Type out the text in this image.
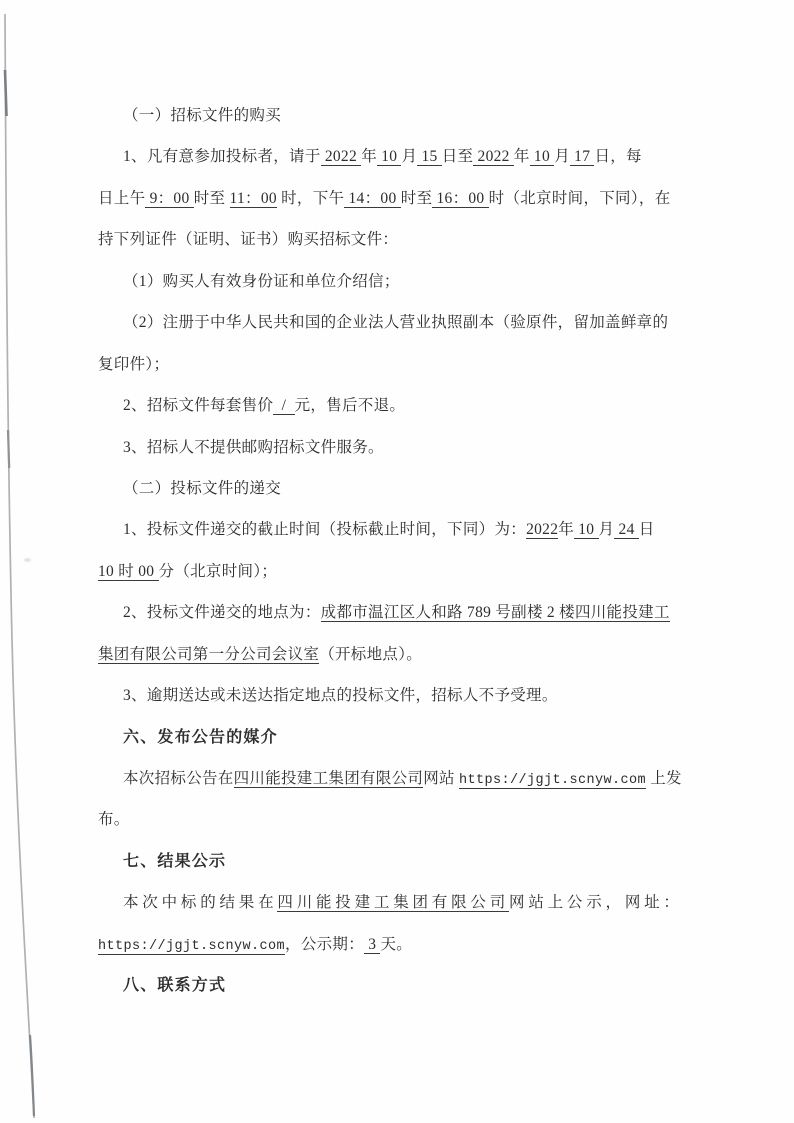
（一）招标文件的购买
1、凡有意参加投标者，请于 2022 年 10 月 15 日至 2022 年 10 月 17 日，每
日上午 9：00 时至 11：00 时，下午 14：00 时至 16：00 时（北京时间，下同），在
持下列证件（证明、证书）购买招标文件：
（1）购买人有效身份证和单位介绍信；
（2）注册于中华人民共和国的企业法人营业执照副本（验原件，留加盖鲜章的
复印件）；
2、招标文件每套售价  /  元，售后不退。
3、招标人不提供邮购招标文件服务。
（二）投标文件的递交
1、投标文件递交的截止时间（投标截止时间，下同）为：2022年 10 月 24 日
10 时 00 分（北京时间）；
2、投标文件递交的地点为：成都市温江区人和路 789 号副楼 2 楼四川能投建工
集团有限公司第一分公司会议室（开标地点）。
3、逾期送达或未送达指定地点的投标文件，招标人不予受理。
六、发布公告的媒介
本次招标公告在四川能投建工集团有限公司网站 https://jgjt.scnyw.com 上发
布。
七、结果公示
本次中标的结果在四川能投建工集团有限公司网站上公示，网址：
https://jgjt.scnyw.com，公示期： 3 天。
八、联系方式
